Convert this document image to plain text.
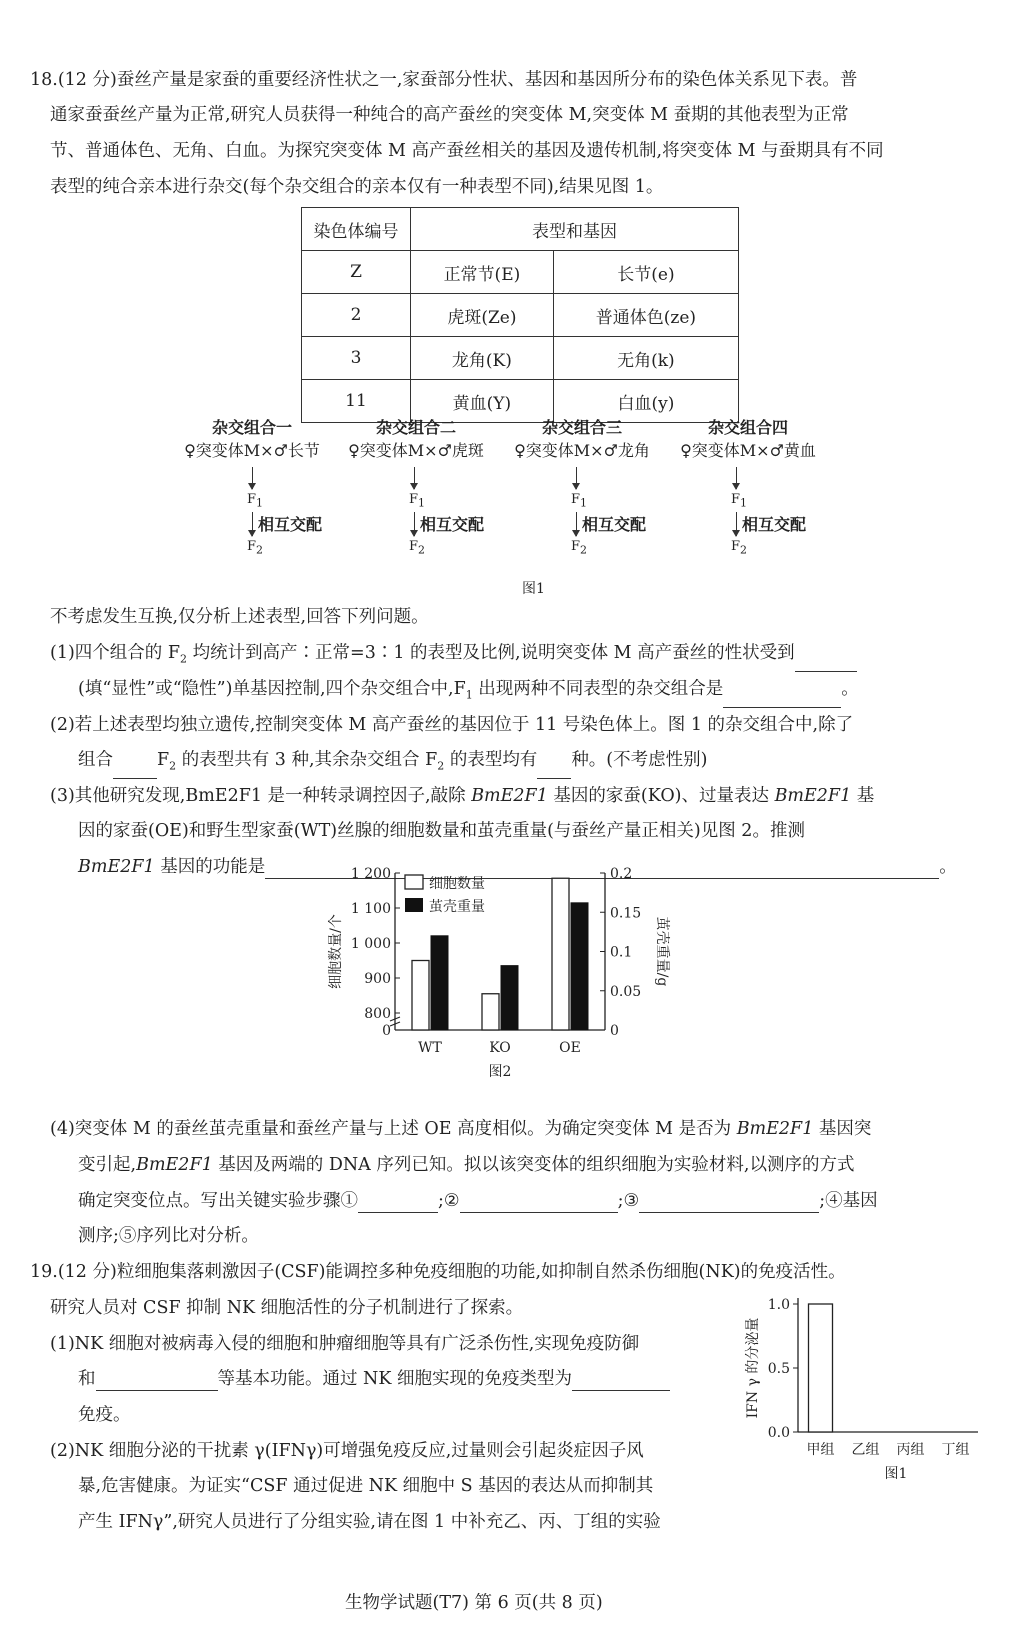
18.(12 分)蚕丝产量是家蚕的重要经济性状之一,家蚕部分性状、基因和基因所分布的染色体关系见下表。普
通家蚕蚕丝产量为正常,研究人员获得一种纯合的高产蚕丝的突变体 M,突变体 M 蚕期的其他表型为正常
节、普通体色、无角、白血。为探究突变体 M 高产蚕丝相关的基因及遗传机制,将突变体 M 与蚕期具有不同
表型的纯合亲本进行杂交(每个杂交组合的亲本仅有一种表型不同),结果见图 1。
染色体编号	表型和基因	
Z	正常节(E)	长节(e)
2	虎斑(Ze)	普通体色(ze)
3	龙角(K)	无角(k)
11	黄血(Y)	白血(y)
杂交组合一
♀突变体M×♂长节
杂交组合二
♀突变体M×♂虎斑
杂交组合三
♀突变体M×♂龙角
杂交组合四
♀突变体M×♂黄血
$F_1$
相互交配
$F_2$
$F_1$
相互交配
$F_2$
$F_1$
相互交配
$F_2$
$F_1$
相互交配
$F_2$
图1
不考虑发生互换,仅分析上述表型,回答下列问题。
(1)四个组合的 $F_2$ 均统计到高产∶正常=3∶1 的表型及比例,说明突变体 M 高产蚕丝的性状受到
(填“显性”或“隐性”)单基因控制,四个杂交组合中$,F_1$ 出现两种不同表型的杂交组合是	。
(2)若上述表型均独立遗传,控制突变体 M 高产蚕丝的基因位于 11 号染色体上。图 1 的杂交组合中,除了
组合	$F_2$ 的表型共有 3 种,其余杂交组合 $F_2$ 的表型均有 种。(不考虑性别)
(3)其他研究发现,BmE2F1 是一种转录调控因子,敲除 BmE2F1 基因的家蚕(KO)、过量表达 BmE2F1 基
因的家蚕(OE)和野生型家蚕(WT)丝腺的细胞数量和茧壳重量(与蚕丝产量正相关)见图 2。推测
BmE2F1 基因的功能是	。
0
800
900
1 000
1 100
1 200
0
0.05
0.1
0.15
0.2
WT	KO	OE
细胞数量
茧壳重量
细胞数量/个	茧壳重量/g
图2
(4)突变体 M 的蚕丝茧壳重量和蚕丝产量与上述 OE 高度相似。为确定突变体 M 是否为 BmE2F1 基因突
变引起,BmE2F1 基因及两端的 DNA 序列已知。拟以该突变体的组织细胞为实验材料,以测序的方式
确定突变位点。写出关键实验步骤①	;②	;③	;④基因
测序;⑤序列比对分析。
19.(12 分)粒细胞集落刺激因子(CSF)能调控多种免疫细胞的功能,如抑制自然杀伤细胞(NK)的免疫活性。
研究人员对 CSF 抑制 NK 细胞活性的分子机制进行了探索。
(1)NK 细胞对被病毒入侵的细胞和肿瘤细胞等具有广泛杀伤性,实现免疫防御
和	等基本功能。通过 NK 细胞实现的免疫类型为
免疫。
(2)NK 细胞分泌的干扰素 γ(IFNγ)可增强免疫反应,过量则会引起炎症因子风
暴,危害健康。为证实“CSF 通过促进 NK 细胞中 S 基因的表达从而抑制其
产生 IFNγ”,研究人员进行了分组实验,请在图 1 中补充乙、丙、丁组的实验
0.0
0.5
1.0
甲组 乙组 丙组 丁组
IFN γ 的分泌量
图1
生物学试题(T7) 第 6 页(共 8 页)
